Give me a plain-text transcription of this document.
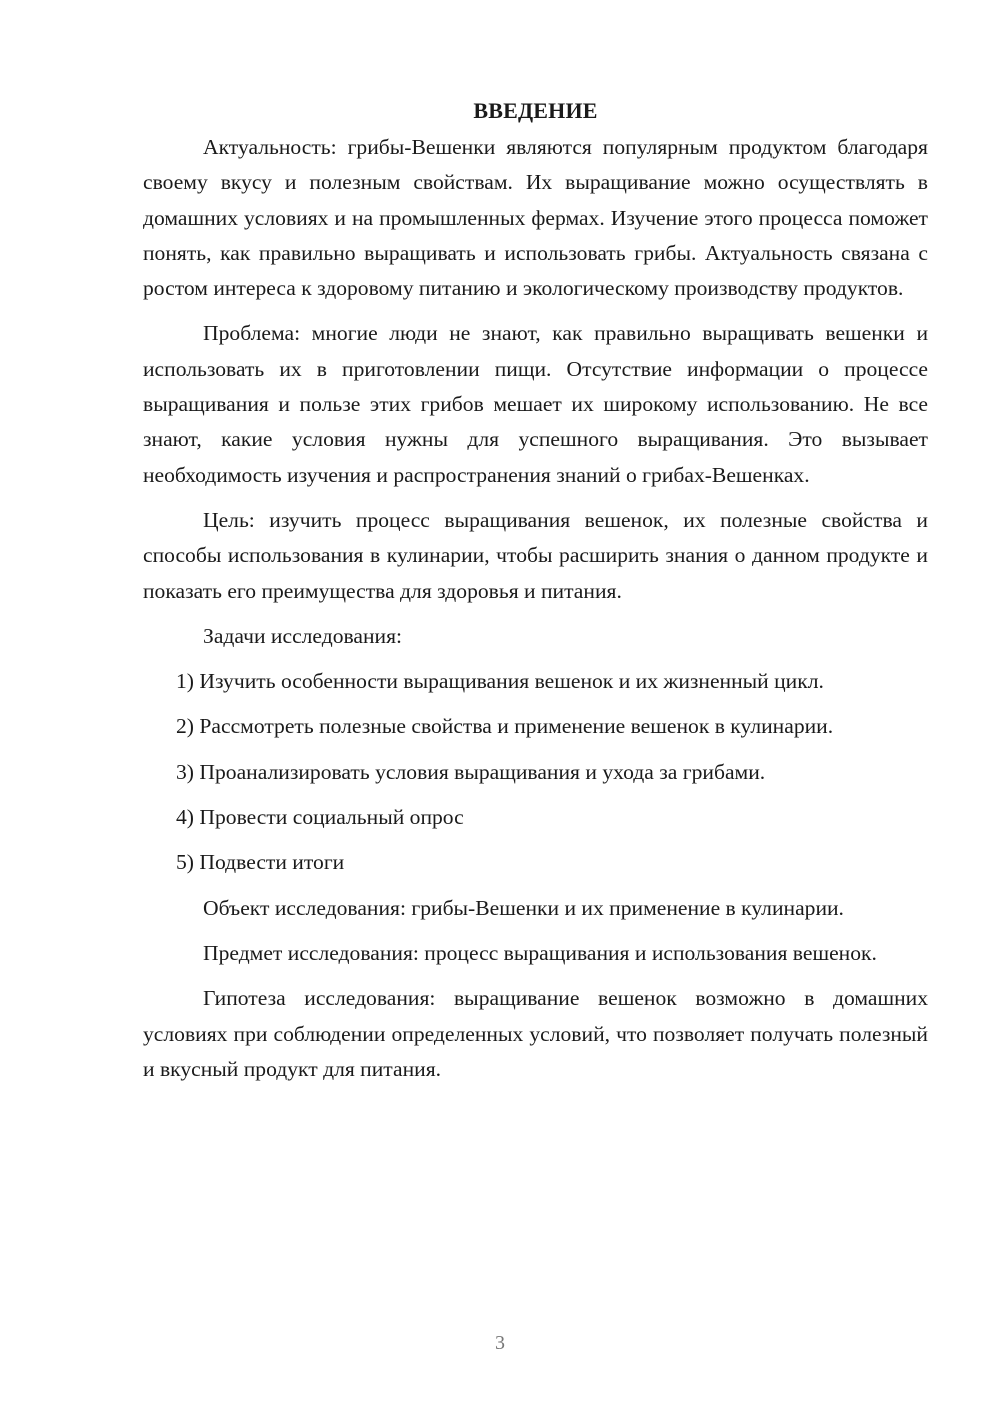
ВВЕДЕНИЕ

Актуальность: грибы-Вешенки являются популярным продуктом благодаря своему вкусу и полезным свойствам. Их выращивание можно осуществлять в домашних условиях и на промышленных фермах. Изучение этого процесса поможет понять, как правильно выращивать и использовать грибы. Актуальность связана с ростом интереса к здоровому питанию и экологическому производству продуктов.

Проблема: многие люди не знают, как правильно выращивать вешенки и использовать их в приготовлении пищи. Отсутствие информации о процессе выращивания и пользе этих грибов мешает их широкому использованию. Не все знают, какие условия нужны для успешного выращивания. Это вызывает необходимость изучения и распространения знаний о грибах-Вешенках.

Цель: изучить процесс выращивания вешенок, их полезные свойства и способы использования в кулинарии, чтобы расширить знания о данном продукте и показать его преимущества для здоровья и питания.

Задачи исследования:

1) Изучить особенности выращивания вешенок и их жизненный цикл.

2) Рассмотреть полезные свойства и применение вешенок в кулинарии.

3) Проанализировать условия выращивания и ухода за грибами.

4) Провести социальный опрос

5) Подвести итоги

Объект исследования: грибы-Вешенки и их применение в кулинарии.

Предмет исследования: процесс выращивания и использования вешенок.

Гипотеза исследования: выращивание вешенок возможно в домашних условиях при соблюдении определенных условий, что позволяет получать полезный и вкусный продукт для питания.

3
